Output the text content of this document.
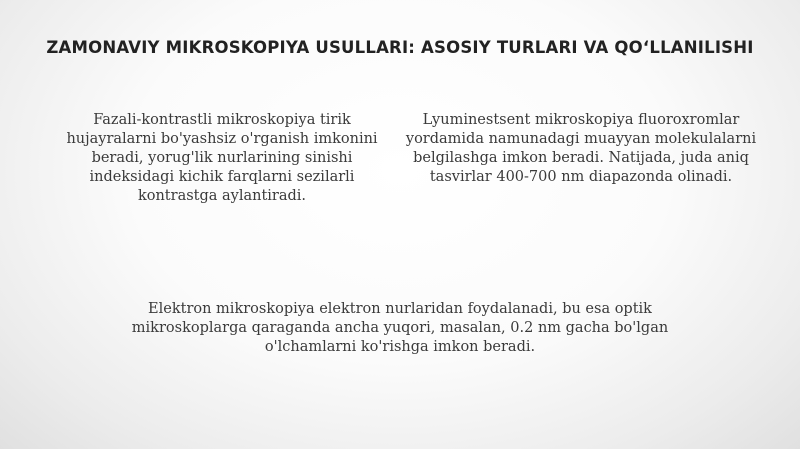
ZAMONAVIY MIKROSKOPIYA USULLARI: ASOSIY TURLARI VA QO‘LLANILISHI
Fazali-kontrastli mikroskopiya tirik hujayralarni bo'yashsiz o'rganish imkonini beradi, yorug'lik nurlarining sinishi indeksidagi kichik farqlarni sezilarli kontrastga aylantiradi.
Lyuminestsent mikroskopiya fluoroxromlar yordamida namunadagi muayyan molekulalarni belgilashga imkon beradi. Natijada, juda aniq tasvirlar 400-700 nm diapazonda olinadi.
Elektron mikroskopiya elektron nurlaridan foydalanadi, bu esa optik mikroskoplarga qaraganda ancha yuqori, masalan, 0.2 nm gacha bo'lgan o'lchamlarni ko'rishga imkon beradi.
